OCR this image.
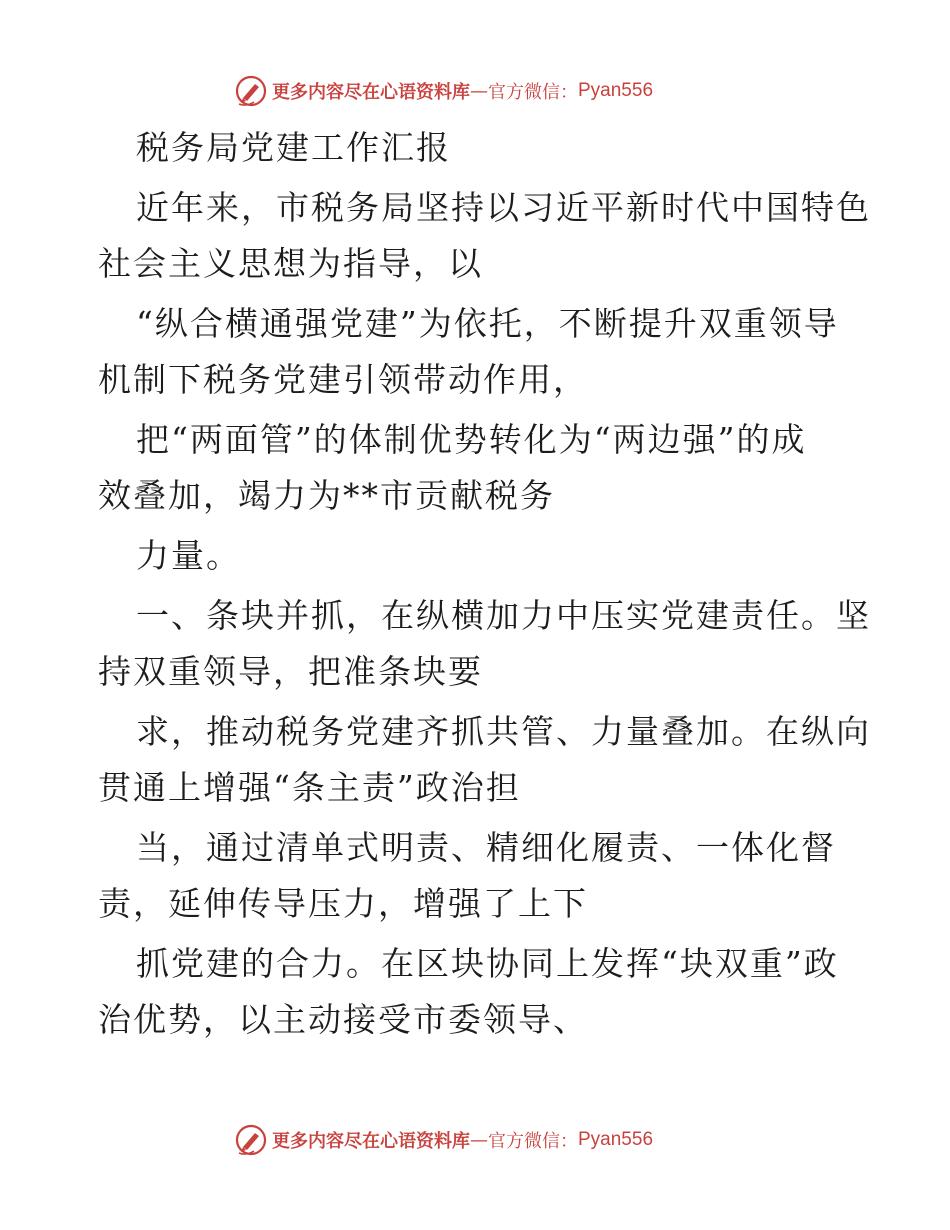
更多内容尽在心语资料库 — 官方微信： Pyan556
税务局党建工作汇报
近年来，市税务局坚持以习近平新时代中国特色
社会主义思想为指导，以
“纵合横通强党建”为依托，不断提升双重领导
机制下税务党建引领带动作用，
把“两面管”的体制优势转化为“两边强”的成
效叠加，竭力为**市贡献税务
力量。
一、条块并抓，在纵横加力中压实党建责任。坚
持双重领导，把准条块要
求，推动税务党建齐抓共管、力量叠加。在纵向
贯通上增强“条主责”政治担
当，通过清单式明责、精细化履责、一体化督
责，延伸传导压力，增强了上下
抓党建的合力。在区块协同上发挥“块双重”政
治优势，以主动接受市委领导、
更多内容尽在心语资料库 — 官方微信： Pyan556
